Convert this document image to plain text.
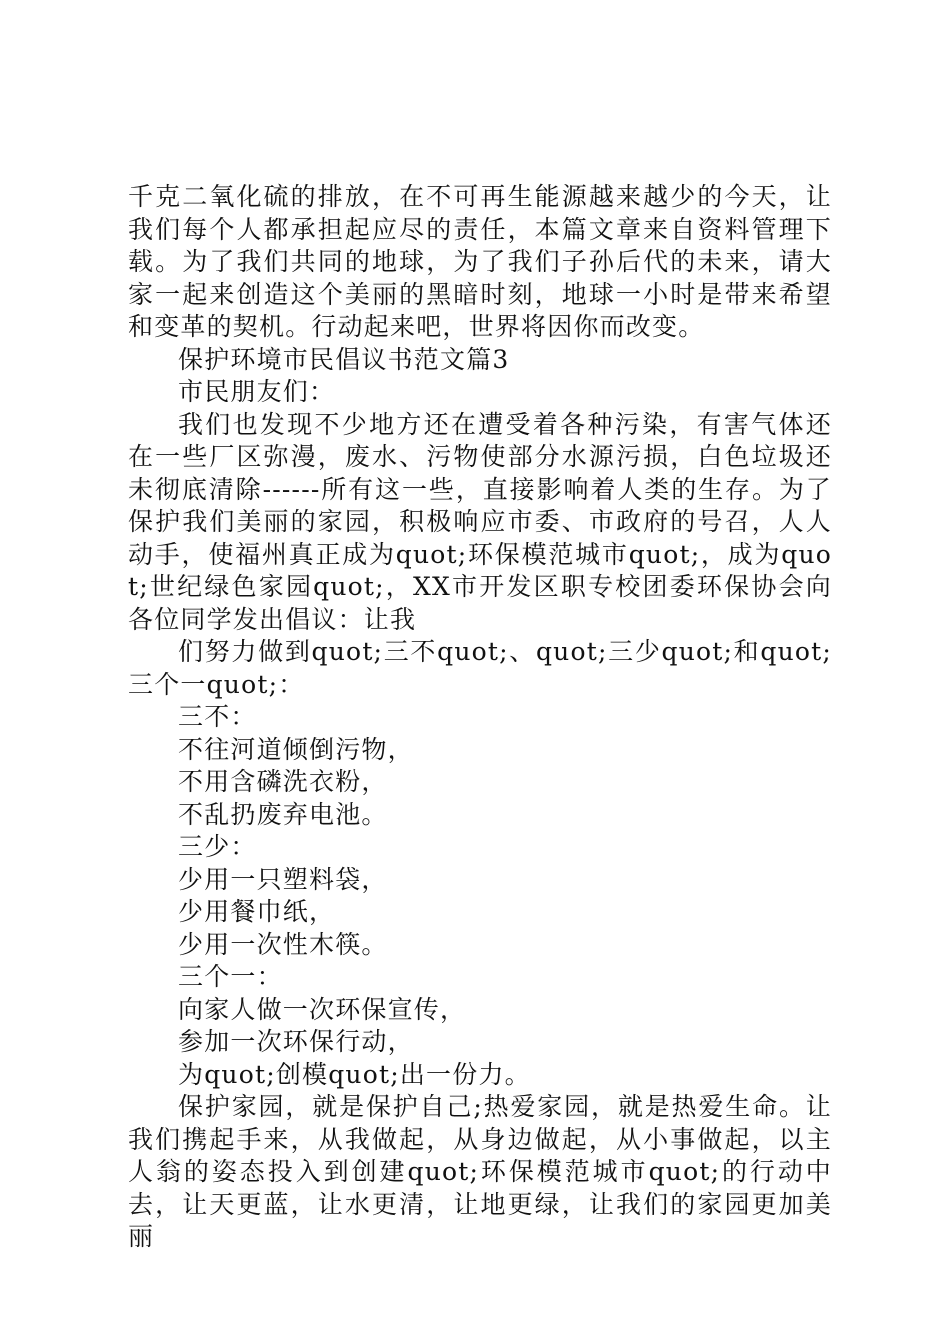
千克二氧化硫的排放，在不可再生能源越来越少的今天，让我们每个人都承担起应尽的责任，本篇文章来自资料管理下载。为了我们共同的地球，为了我们子孙后代的未来，请大家一起来创造这个美丽的黑暗时刻，地球一小时是带来希望和变革的契机。行动起来吧，世界将因你而改变。

保护环境市民倡议书范文篇3

市民朋友们：

我们也发现不少地方还在遭受着各种污染，有害气体还在一些厂区弥漫，废水、污物使部分水源污损，白色垃圾还未彻底清除------所有这一些，直接影响着人类的生存。为了保护我们美丽的家园，积极响应市委、市政府的号召，人人动手，使福州真正成为quot;环保模范城市quot;，成为quot;世纪绿色家园quot;，XX市开发区职专校团委环保协会向各位同学发出倡议：让我

们努力做到quot;三不quot;、quot;三少quot;和quot;三个一quot;：

三不：

不往河道倾倒污物，

不用含磷洗衣粉，

不乱扔废弃电池。

三少：

少用一只塑料袋，

少用餐巾纸，

少用一次性木筷。

三个一：

向家人做一次环保宣传，

参加一次环保行动，

为quot;创模quot;出一份力。

保护家园，就是保护自己;热爱家园，就是热爱生命。让我们携起手来，从我做起，从身边做起，从小事做起，以主人翁的姿态投入到创建quot;环保模范城市quot;的行动中去，让天更蓝，让水更清，让地更绿，让我们的家园更加美丽
